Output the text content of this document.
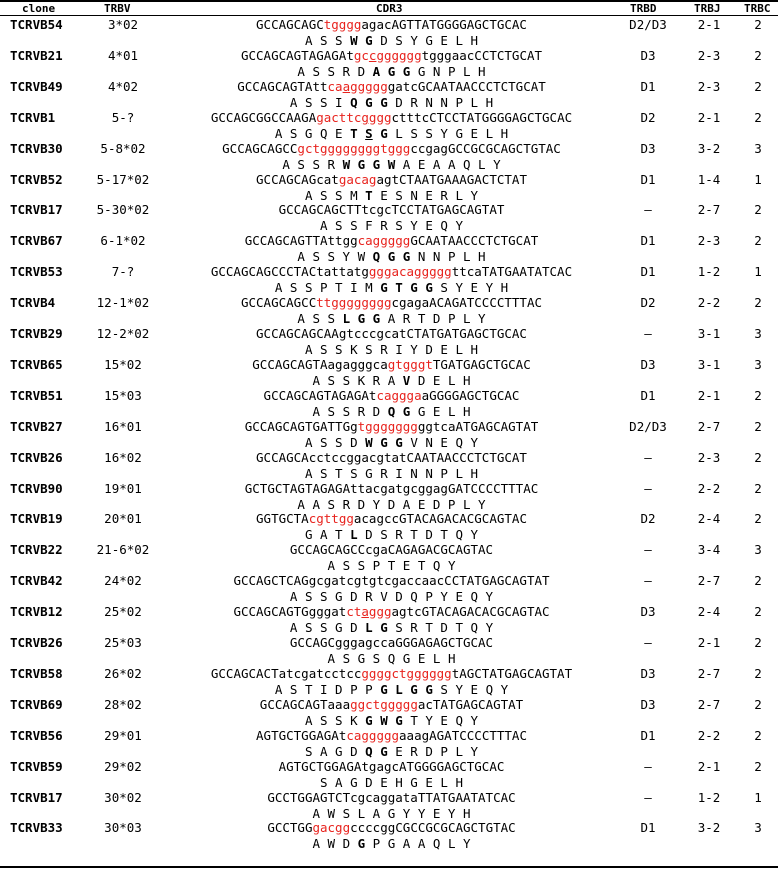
clone	TRBV	CDR3	TRBD	TRBJ TRBC
TCRVB54	3*02	GCCAGCAGCtggggagacAGTTATGGGGAGCTGCAC	D2/D3	2-1	2
A S S W G D S Y G E L H
TCRVB21	4*01	GCCAGCAGTAGAGAtgccggggggtgggaacCCTCTGCAT	D3	2-3	2
A S S R D A G G G N P L H
TCRVB49	4*02	GCCAGCAGTAttcaaggggggatcGCAATAACCCTCTGCAT	D1	2-3	2
A S S I Q G G D R N N P L H
TCRVB1	5-?	GCCAGCGGCCAAGAgacttcggggctttcCTCCTATGGGGAGCTGCAC	D2	2-1	2
A S G Q E T S G L S S Y G E L H
TCRVB30	5-8*02	GCCAGCAGCCgctggggggggtgggccgagGCCGCGCAGCTGTAC	D3	3-2	3
A S S R W G G W A E A A Q L Y
TCRVB52	5-17*02	GCCAGCAGcatgacagagtCTAATGAAAGACTCTAT	D1	1-4	1
A S S M T E S N E R L Y
TCRVB17	5-30*02	GCCAGCAGCTTtcgcTCCTATGAGCAGTAT	–	2-7	2
A S S F R S Y E Q Y
TCRVB67	6-1*02	GCCAGCAGTTAttggcagggggGCAATAACCCTCTGCAT	D1	2-3	2
A S S Y W Q G G N N P L H
TCRVB53	7-?	GCCAGCAGCCCTACtattatggggacagggggttcaTATGAATATCAC	D1	1-2	1
A S S P T I M G T G G S Y E Y H
TCRVB4	12-1*02	GCCAGCAGCCttggggggggcgagaACAGATCCCCTTTAC	D2	2-2	2
A S S L G G A R T D P L Y
TCRVB29	12-2*02	GCCAGCAGCAAgtcccgcatCTATGATGAGCTGCAC	–	3-1	3
A S S K S R I Y D E L H
TCRVB65	15*02	GCCAGCAGTAagagggcagtgggtTGATGAGCTGCAC	D3	3-1	3
A S S K R A V D E L H
TCRVB51	15*03	GCCAGCAGTAGAGAtcagggaaGGGGAGCTGCAC	D1	2-1	2
A S S R D Q G G E L H
TCRVB27	16*01	GCCAGCAGTGATTGgtgggggggggtcaATGAGCAGTAT	D2/D3	2-7	2
A S S D W G G V N E Q Y
TCRVB26	16*02	GCCAGCAcctccggacgtatCAATAACCCTCTGCAT	–	2-3	2
A S T S G R I N N P L H
TCRVB90	19*01	GCTGCTAGTAGAGAttacgatgcggagGATCCCCTTTAC	–	2-2	2
A A S R D Y D A E D P L Y
TCRVB19	20*01	GGTGCTAcgttggacagccGTACAGACACGCAGTAC	D2	2-4	2
G A T L D S R T D T Q Y
TCRVB22	21-6*02	GCCAGCAGCCcgaCAGAGACGCAGTAC	–	3-4	3
A S S P T E T Q Y
TCRVB42	24*02	GCCAGCTCAGgcgatcgtgtcgaccaacCCTATGAGCAGTAT	–	2-7	2
A S S G D R V D Q P Y E Q Y
TCRVB12	25*02	GCCAGCAGTGgggatctagggagtcGTACAGACACGCAGTAC	D3	2-4	2
A S S G D L G S R T D T Q Y
TCRVB26	25*03	GCCAGCgggagccaGGGAGAGCTGCAC	–	2-1	2
A S G S Q G E L H
TCRVB58	26*02	GCCAGCACTatcgatcctccggggctggggggtAGCTATGAGCAGTAT	D3	2-7	2
A S T I D P P G L G G S Y E Q Y
TCRVB69	28*02	GCCAGCAGTaaaggctgggggacTATGAGCAGTAT	D3	2-7	2
A S S K G W G T Y E Q Y
TCRVB56	29*01	AGTGCTGGAGAtcagggggaaagAGATCCCCTTTAC	D1	2-2	2
S A G D Q G E R D P L Y
TCRVB59	29*02	AGTGCTGGAGAtgagcATGGGGAGCTGCAC	–	2-1	2
S A G D E H G E L H
TCRVB17	30*02	GCCTGGAGTCTcgcaggataTTATGAATATCAC	–	1-2	1
A W S L A G Y Y E Y H
TCRVB33	30*03	GCCTGGgacggccccggCGCCGCGCAGCTGTAC	D1	3-2	3
A W D G P G A A Q L Y
